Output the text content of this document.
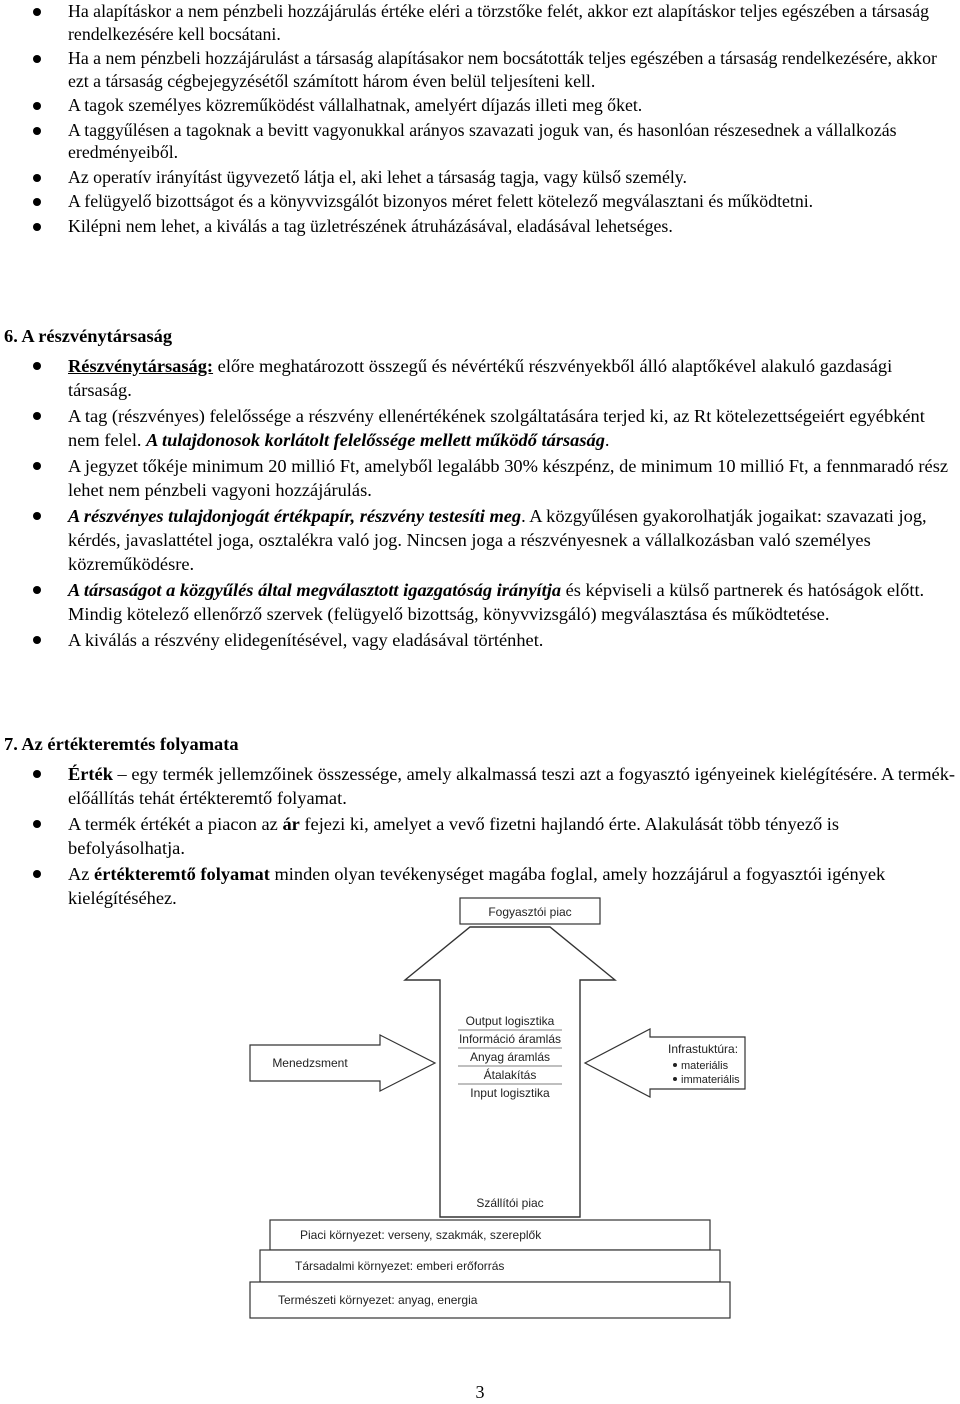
Ha alapításkor a nem pénzbeli hozzájárulás értéke eléri a törzstőke felét, akkor ezt alapításkor teljes egészében a társaság rendelkezésére kell bocsátani.
Ha a nem pénzbeli hozzájárulást a társaság alapításakor nem bocsátották teljes egészében a társaság rendelkezésére, akkor ezt a társaság cégbejegyzésétől számított három éven belül teljesíteni kell.
A tagok személyes közreműködést vállalhatnak, amelyért díjazás illeti meg őket.
A taggyűlésen a tagoknak a bevitt vagyonukkal arányos szavazati joguk van, és hasonlóan részesednek a vállalkozás eredményeiből.
Az operatív irányítást ügyvezető látja el, aki lehet a társaság tagja, vagy külső személy.
A felügyelő bizottságot és a könyvvizsgálót bizonyos méret felett kötelező megválasztani és működtetni.
Kilépni nem lehet, a kiválás a tag üzletrészének átruházásával, eladásával lehetséges.
6. A részvénytársaság
Részvénytársaság: előre meghatározott összegű és névértékű részvényekből álló alaptőkével alakuló gazdasági társaság.
A tag (részvényes) felelőssége a részvény ellenértékének szolgáltatására terjed ki, az Rt kötelezettségeiért egyébként nem felel. A tulajdonosok korlátolt felelőssége mellett működő társaság.
A jegyzet tőkéje minimum 20 millió Ft, amelyből legalább 30% készpénz, de minimum 10 millió Ft, a fennmaradó rész lehet nem pénzbeli vagyoni hozzájárulás.
A részvényes tulajdonjogát értékpapír, részvény testesíti meg. A közgyűlésen gyakorolhatják jogaikat: szavazati jog, kérdés, javaslattétel joga, osztalékra való jog. Nincsen joga a részvényesnek a vállalkozásban való személyes közreműködésre.
A társaságot a közgyűlés által megválasztott igazgatóság irányítja és képviseli a külső partnerek és hatóságok előtt. Mindig kötelező ellenőrző szervek (felügyelő bizottság, könyvvizsgáló) megválasztása és működtetése.
A kiválás a részvény elidegenítésével, vagy eladásával történhet.
7. Az értékteremtés folyamata
Érték – egy termék jellemzőinek összessége, amely alkalmassá teszi azt a fogyasztó igényeinek kielégítésére. A termék-előállítás tehát értékteremtő folyamat.
A termék értékét a piacon az ár fejezi ki, amelyet a vevő fizetni hajlandó érte. Alakulását több tényező is befolyásolhatja.
Az értékteremtő folyamat minden olyan tevékenységet magába foglal, amely hozzájárul a fogyasztói igények kielégítéséhez.
Fogyasztói piac
Output logisztika
Információ áramlás
Anyag áramlás
Átalakítás
Input logisztika
Menedzsment
Infrastuktúra:
materiális
immateriális
Szállítói piac
Piaci környezet: verseny, szakmák, szereplők
Társadalmi környezet: emberi erőforrás
Természeti környezet: anyag, energia
3
